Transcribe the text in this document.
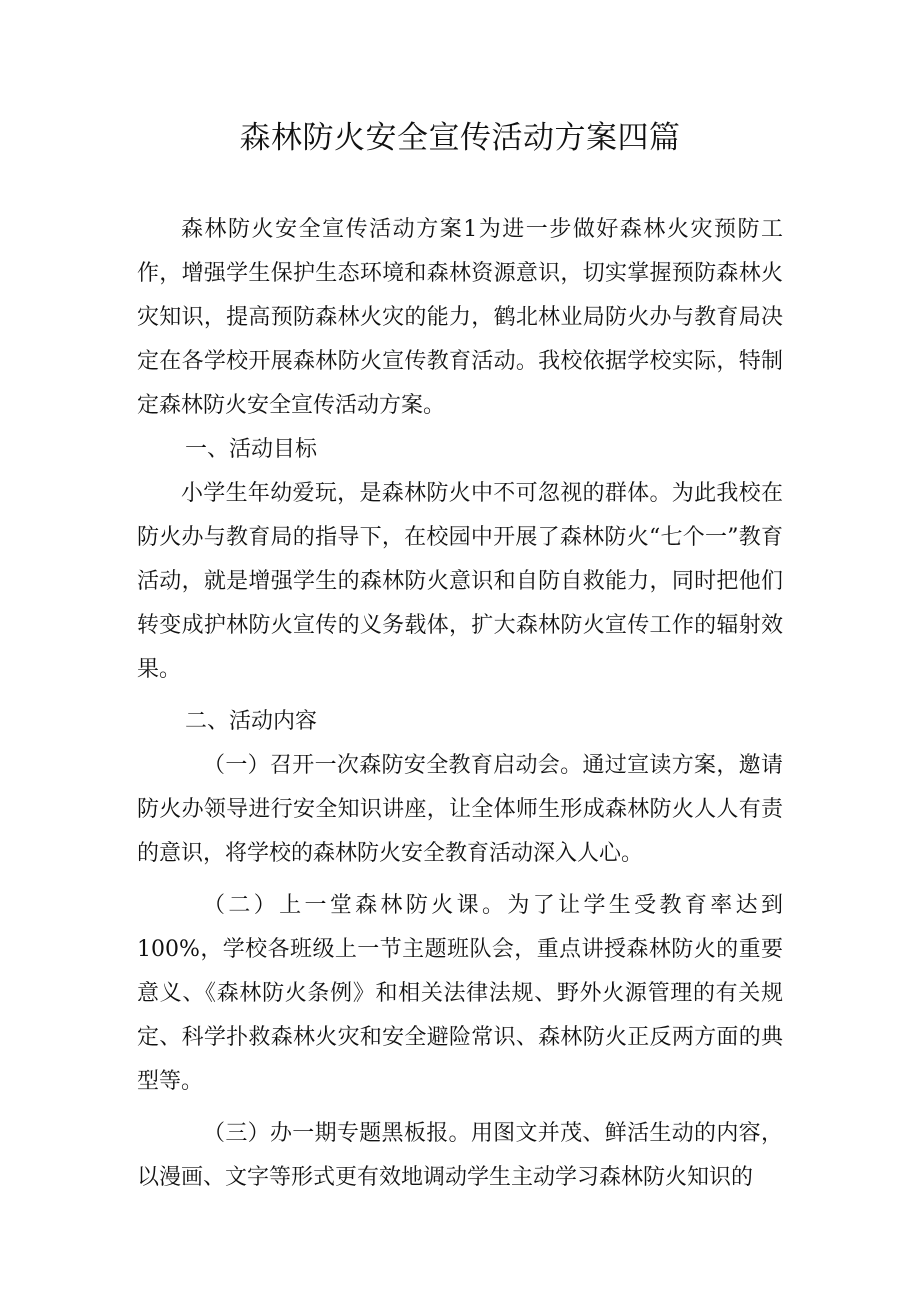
森林防火安全宣传活动方案四篇

森林防火安全宣传活动方案1为进一步做好森林火灾预防工作，增强学生保护生态环境和森林资源意识，切实掌握预防森林火灾知识，提高预防森林火灾的能力，鹤北林业局防火办与教育局决定在各学校开展森林防火宣传教育活动。我校依据学校实际，特制定森林防火安全宣传活动方案。

一、活动目标

小学生年幼爱玩，是森林防火中不可忽视的群体。为此我校在防火办与教育局的指导下，在校园中开展了森林防火“七个一”教育活动，就是增强学生的森林防火意识和自防自救能力，同时把他们转变成护林防火宣传的义务载体，扩大森林防火宣传工作的辐射效果。

二、活动内容

（一）召开一次森防安全教育启动会。通过宣读方案，邀请防火办领导进行安全知识讲座，让全体师生形成森林防火人人有责的意识，将学校的森林防火安全教育活动深入人心。

（二）上一堂森林防火课。为了让学生受教育率达到100%，学校各班级上一节主题班队会，重点讲授森林防火的重要意义、《森林防火条例》和相关法律法规、野外火源管理的有关规定、科学扑救森林火灾和安全避险常识、森林防火正反两方面的典型等。

（三）办一期专题黑板报。用图文并茂、鲜活生动的内容，以漫画、文字等形式更有效地调动学生主动学习森林防火知识的
